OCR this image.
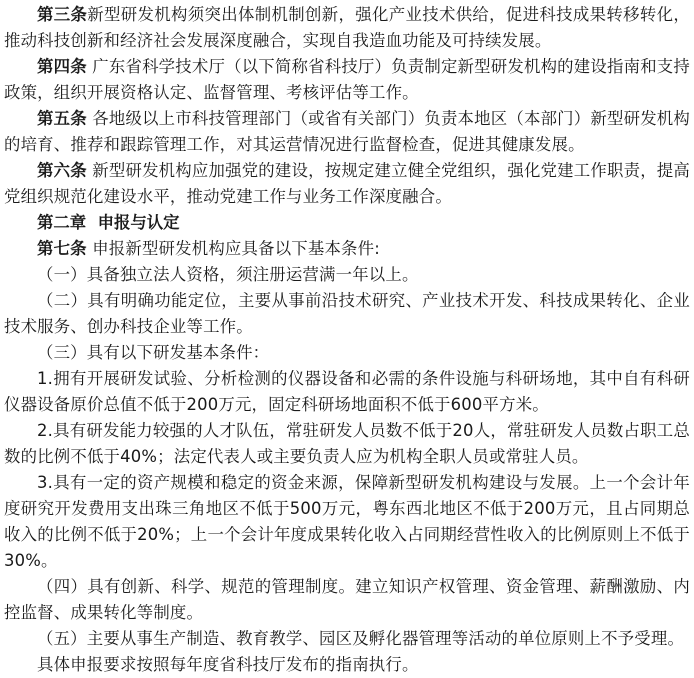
第三条新型研发机构须突出体制机制创新，强化产业技术供给，促进科技成果转移转化，推动科技创新和经济社会发展深度融合，实现自我造血功能及可持续发展。

第四条 广东省科学技术厅（以下简称省科技厅）负责制定新型研发机构的建设指南和支持政策，组织开展资格认定、监督管理、考核评估等工作。

第五条 各地级以上市科技管理部门（或省有关部门）负责本地区（本部门）新型研发机构的培育、推荐和跟踪管理工作，对其运营情况进行监督检查，促进其健康发展。

第六条 新型研发机构应加强党的建设，按规定建立健全党组织，强化党建工作职责，提高党组织规范化建设水平，推动党建工作与业务工作深度融合。

第二章 申报与认定

第七条 申报新型研发机构应具备以下基本条件:

（一）具备独立法人资格，须注册运营满一年以上。

（二）具有明确功能定位，主要从事前沿技术研究、产业技术开发、科技成果转化、企业技术服务、创办科技企业等工作。

（三）具有以下研发基本条件：

1.拥有开展研发试验、分析检测的仪器设备和必需的条件设施与科研场地，其中自有科研仪器设备原价总值不低于200万元，固定科研场地面积不低于600平方米。

2.具有研发能力较强的人才队伍，常驻研发人员数不低于20人，常驻研发人员数占职工总数的比例不低于40%；法定代表人或主要负责人应为机构全职人员或常驻人员。

3.具有一定的资产规模和稳定的资金来源，保障新型研发机构建设与发展。上一个会计年度研究开发费用支出珠三角地区不低于500万元，粤东西北地区不低于200万元，且占同期总收入的比例不低于20%；上一个会计年度成果转化收入占同期经营性收入的比例原则上不低于30%。

（四）具有创新、科学、规范的管理制度。建立知识产权管理、资金管理、薪酬激励、内控监督、成果转化等制度。

（五）主要从事生产制造、教育教学、园区及孵化器管理等活动的单位原则上不予受理。

具体申报要求按照每年度省科技厅发布的指南执行。
